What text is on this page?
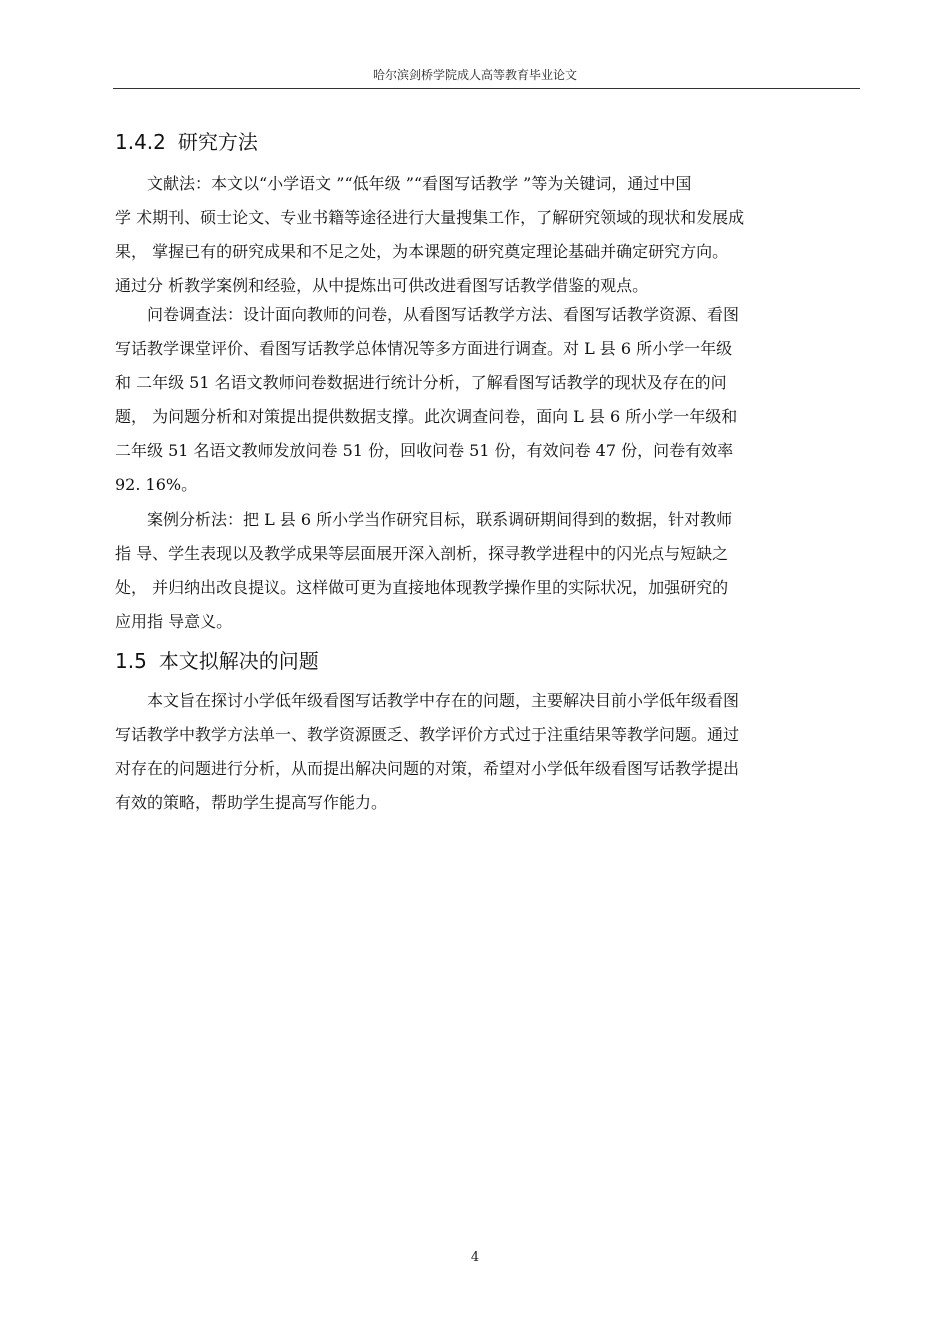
哈尔滨剑桥学院成人高等教育毕业论文
1.4.2 研究方法
文献法：本文以“小学语文 ”“低年级 ”“看图写话教学 ”等为关键词，通过中国
学 术期刊、硕士论文、专业书籍等途径进行大量搜集工作，了解研究领域的现状和发展成
果， 掌握已有的研究成果和不足之处，为本课题的研究奠定理论基础并确定研究方向。
通过分 析教学案例和经验，从中提炼出可供改进看图写话教学借鉴的观点。
问卷调查法：设计面向教师的问卷，从看图写话教学方法、看图写话教学资源、看图
写话教学课堂评价、看图写话教学总体情况等多方面进行调查。对 L 县 6 所小学一年级
和 二年级 51 名语文教师问卷数据进行统计分析，了解看图写话教学的现状及存在的问
题， 为问题分析和对策提出提供数据支撑。此次调查问卷，面向 L 县 6 所小学一年级和
二年级 51 名语文教师发放问卷 51 份，回收问卷 51 份，有效问卷 47 份，问卷有效率
92. 16%。
案例分析法：把 L 县 6 所小学当作研究目标，联系调研期间得到的数据，针对教师
指 导、学生表现以及教学成果等层面展开深入剖析，探寻教学进程中的闪光点与短缺之
处， 并归纳出改良提议。这样做可更为直接地体现教学操作里的实际状况，加强研究的
应用指 导意义。
1.5 本文拟解决的问题
本文旨在探讨小学低年级看图写话教学中存在的问题，主要解决目前小学低年级看图
写话教学中教学方法单一、教学资源匮乏、教学评价方式过于注重结果等教学问题。通过
对存在的问题进行分析，从而提出解决问题的对策，希望对小学低年级看图写话教学提出
有效的策略，帮助学生提高写作能力。
4
